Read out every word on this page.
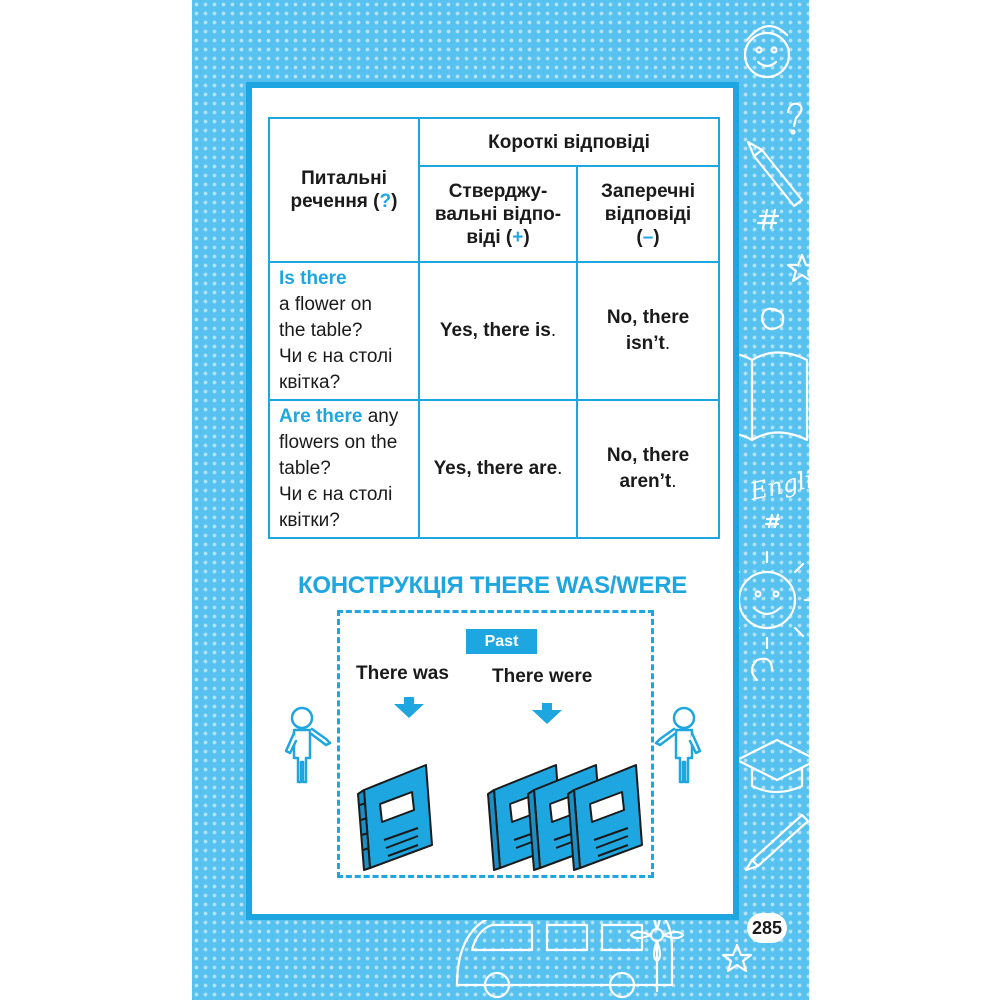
English
Питальні
речення (?)	Короткі відповіді	
	Стверджу-
вальні відпо-
віді (+)	Заперечні
відповіді
(–)
Is there
a flower on
the table?
Чи є на столі
квітка?	Yes, there is.	No, there
isn’t.
Are there any
flowers on the
table?
Чи є на столі
квітки?	Yes, there are.	No, there
aren’t.
КОНСТРУКЦІЯ THERE WAS/WERE
Past
There was There were
285
